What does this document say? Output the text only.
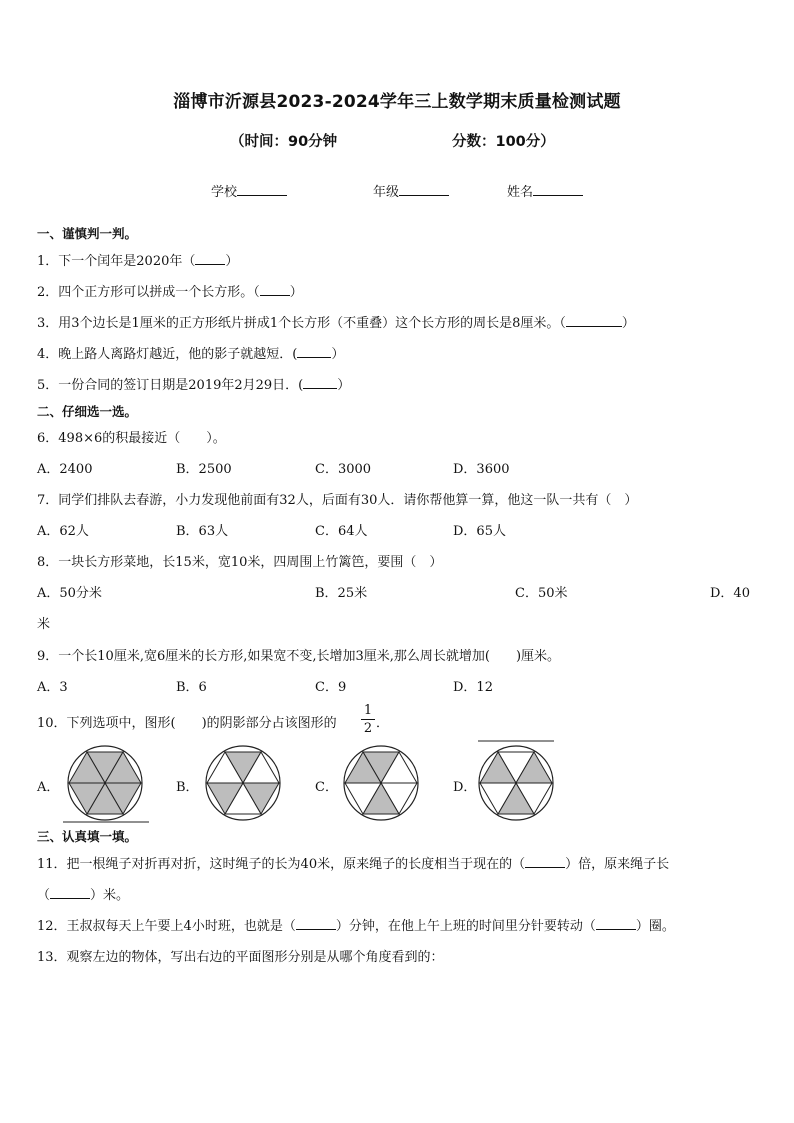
淄博市沂源县2023-2024学年三上数学期末质量检测试题
（时间：90分钟	分数：100分）
学校	年级	姓名
一、谨慎判一判。
1．下一个闰年是2020年（ ）
2．四个正方形可以拼成一个长方形。（ ）
3．用3个边长是1厘米的正方形纸片拼成1个长方形（不重叠）这个长方形的周长是8厘米。（	）
4．晚上路人离路灯越近，他的影子就越短．(	）
5．一份合同的签订日期是2019年2月29日．(	）
二、仔细选一选。
6．498×6的积最接近（　　）。
A．2400	B．2500	C．3000	D．3600
7．同学们排队去春游，小力发现他前面有32人，后面有30人．请你帮他算一算，他这一队一共有（　）
A．62人	B．63人	C．64人	D．65人
8．一块长方形菜地，长15米，宽10米，四周围上竹篱笆，要围（　）
A．50分米	B．25米	C．50米	D．40
米
9．一个长10厘米,宽6厘米的长方形,如果宽不变,长增加3厘米,那么周长就增加(　　)厘米。
A．3	B．6	C．9	D．12
10．下列选项中，图形(　　)的阴影部分占该图形的
1
2 ．
A．	B．	C．	D．
三、认真填一填。
11．把一根绳子对折再对折，这时绳子的长为40米，原来绳子的长度相当于现在的（	）倍，原来绳子长
（	）米。
12．王叔叔每天上午要上4小时班，也就是（	）分钟，在他上午上班的时间里分针要转动（	）圈。
13．观察左边的物体，写出右边的平面图形分别是从哪个角度看到的：
